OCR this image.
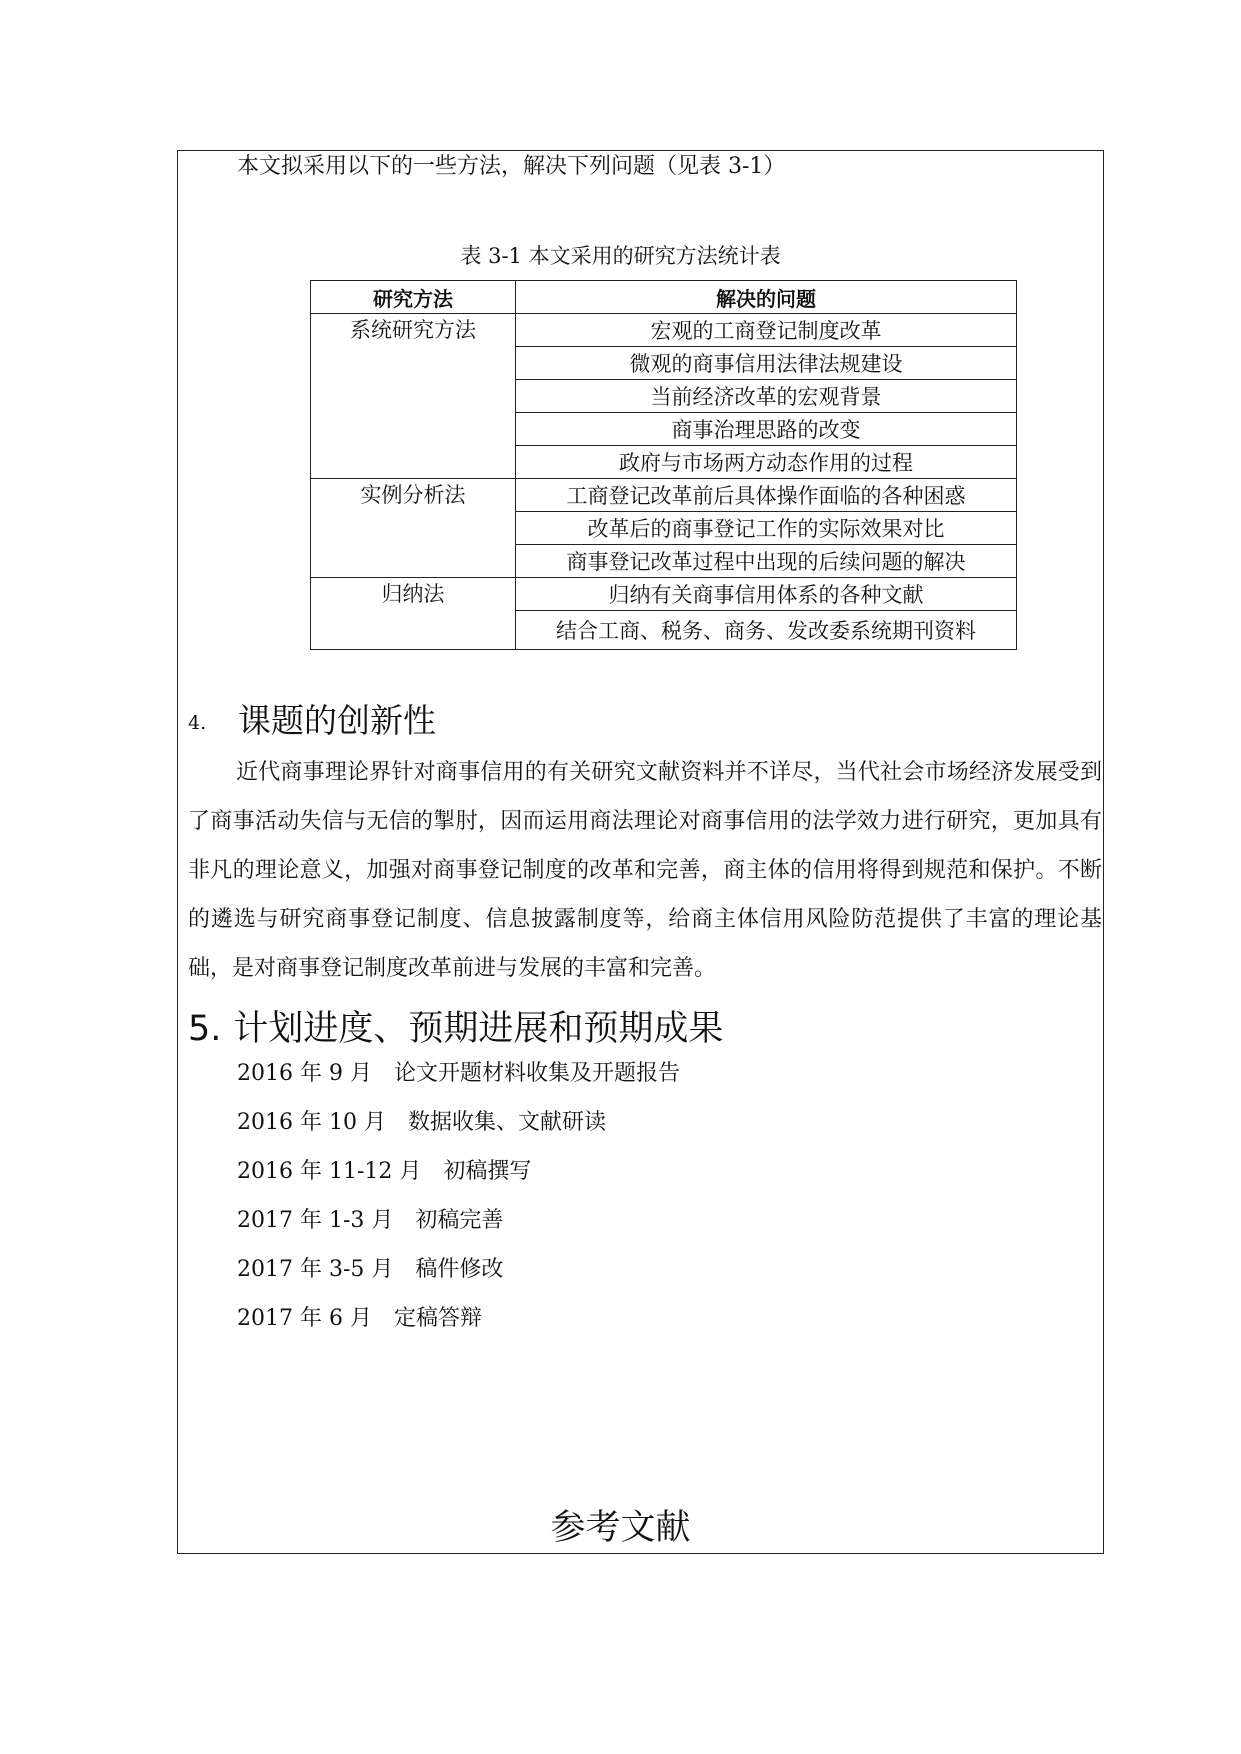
本文拟采用以下的一些方法，解决下列问题（见表 3-1）
表 3-1 本文采用的研究方法统计表
研究方法	解决的问题
系统研究方法	宏观的工商登记制度改革
	微观的商事信用法律法规建设
	当前经济改革的宏观背景
	商事治理思路的改变
	政府与市场两方动态作用的过程
实例分析法	工商登记改革前后具体操作面临的各种困惑
	改革后的商事登记工作的实际效果对比
	商事登记改革过程中出现的后续问题的解决
归纳法	归纳有关商事信用体系的各种文献
	结合工商、税务、商务、发改委系统期刊资料
4. 课题的创新性
近代商事理论界针对商事信用的有关研究文献资料并不详尽，当代社会市场经济发展受到了商事活动失信与无信的掣肘，因而运用商法理论对商事信用的法学效力进行研究，更加具有非凡的理论意义，加强对商事登记制度的改革和完善，商主体的信用将得到规范和保护。不断的遴选与研究商事登记制度、信息披露制度等，给商主体信用风险防范提供了丰富的理论基础，是对商事登记制度改革前进与发展的丰富和完善。
5. 计划进度、预期进展和预期成果
2016 年 9 月 论文开题材料收集及开题报告
2016 年 10 月 数据收集、文献研读
2016 年 11-12 月 初稿撰写
2017 年 1-3 月 初稿完善
2017 年 3-5 月 稿件修改
2017 年 6 月 定稿答辩
参考文献
